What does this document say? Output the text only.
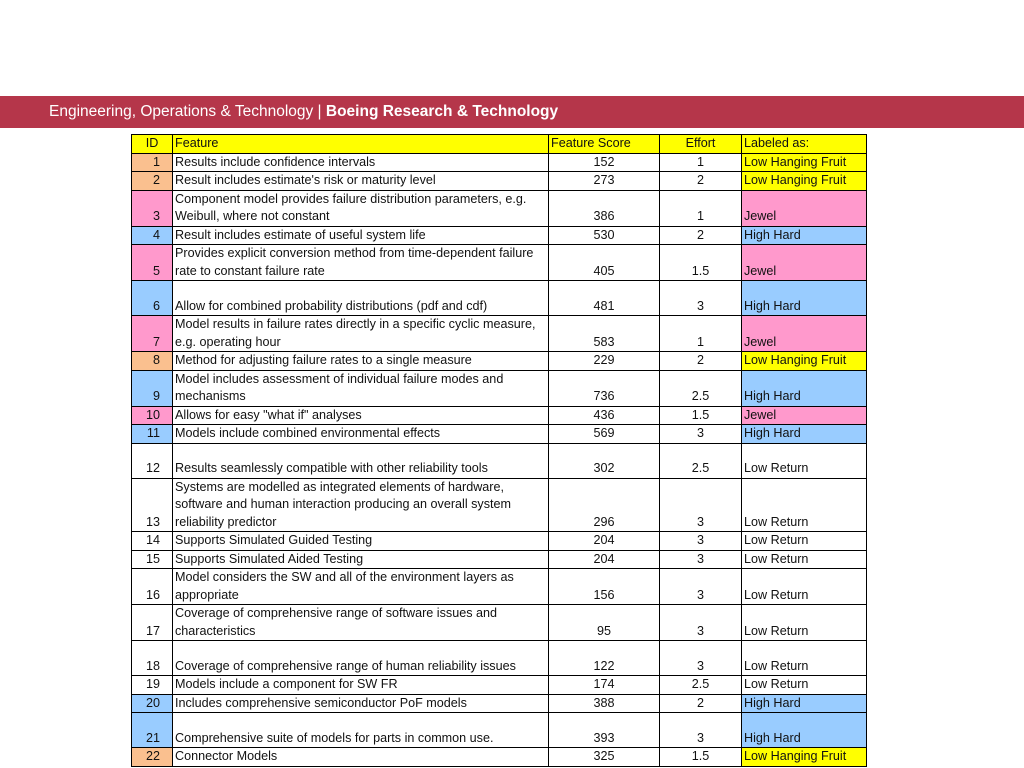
Engineering, Operations & Technology | Boeing Research & Technology
ID	Feature	Feature Score	Effort	Labeled as:
1	Results include confidence intervals	152	1	Low Hanging Fruit
2	Result includes estimate's risk or maturity level	273	2	Low Hanging Fruit
3	Component model provides failure distribution parameters, e.g. Weibull, where not constant	386	1	Jewel
4	Result includes estimate of useful system life	530	2	High Hard
5	Provides explicit conversion method from time-dependent failure rate to constant failure rate	405	1.5	Jewel
6	Allow for combined probability distributions (pdf and cdf)	481	3	High Hard
7	Model results in failure rates directly in a specific cyclic measure, e.g. operating hour	583	1	Jewel
8	Method for adjusting failure rates to a single measure	229	2	Low Hanging Fruit
9	Model includes assessment of individual failure modes and mechanisms	736	2.5	High Hard
10	Allows for easy "what if" analyses	436	1.5	Jewel
11	Models include combined environmental effects	569	3	High Hard
12	Results seamlessly compatible with other reliability tools	302	2.5	Low Return
13	Systems are modelled as integrated elements of hardware, software and human interaction producing an overall system reliability predictor	296	3	Low Return
14	Supports Simulated Guided Testing	204	3	Low Return
15	Supports Simulated Aided Testing	204	3	Low Return
16	Model considers the SW and all of the environment layers as appropriate	156	3	Low Return
17	Coverage of comprehensive range of software issues and characteristics	95	3	Low Return
18	Coverage of comprehensive range of human reliability issues	122	3	Low Return
19	Models include a component for SW FR	174	2.5	Low Return
20	Includes comprehensive semiconductor PoF models	388	2	High Hard
21	Comprehensive suite of models for parts in common use.	393	3	High Hard
22	Connector Models	325	1.5	Low Hanging Fruit
